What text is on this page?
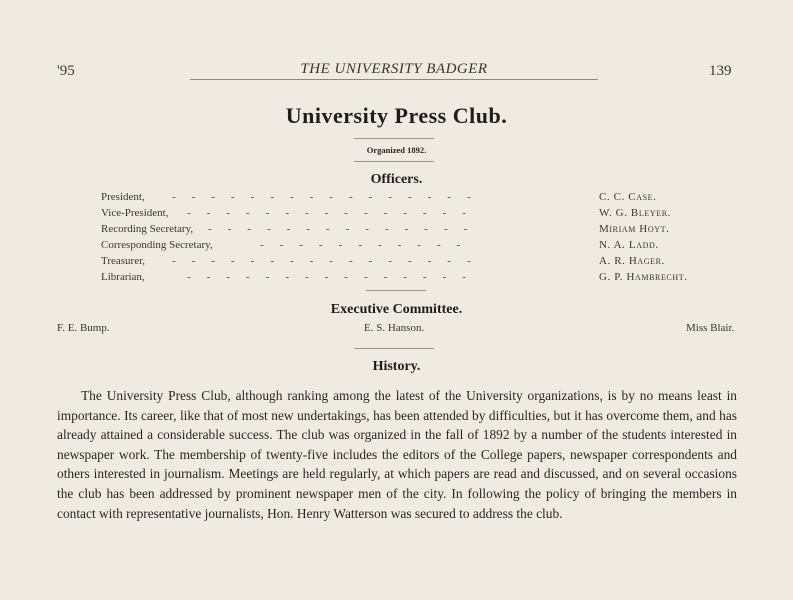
'95	THE UNIVERSITY BADGER	139
University Press Club.
Organized 1892.
Officers.
President, -    -    -    -    -    -    -    -    -    -    -    -    -    -    -    -	C. C. Case.
Vice-President, -    -    -    -    -    -    -    -    -    -    -    -    -    -    -	W. G. Bleyer.
Recording Secretary, -    -    -    -    -    -    -    -    -    -    -    -    -    -	Miriam Hoyt.
Corresponding Secretary,	-    -    -    -    -    -    -    -    -    -    -	N. A. Ladd.
Treasurer, -    -    -    -    -    -    -    -    -    -    -    -    -    -    -    -	A. R. Hager.
Librarian,	-    -    -    -    -    -    -    -    -    -    -    -    -    -    -	G. P. Hambrecht.
Executive Committee.
F. E. Bump.	E. S. Hanson.	Miss Blair.
History.

The University Press Club, although ranking among the latest of the University organizations, is by no means least in importance. Its career, like that of most new undertakings, has been attended by difficulties, but it has overcome them, and has already attained a considerable success. The club was organized in the fall of 1892 by a number of the students interested in newspaper work. The membership of twenty-five includes the editors of the College papers, newspaper correspondents and others interested in journalism. Meetings are held regularly, at which papers are read and discussed, and on several occasions the club has been addressed by prominent newspaper men of the city. In following the policy of bringing the members in contact with representative journalists, Hon. Henry Watterson was secured to address the club.
